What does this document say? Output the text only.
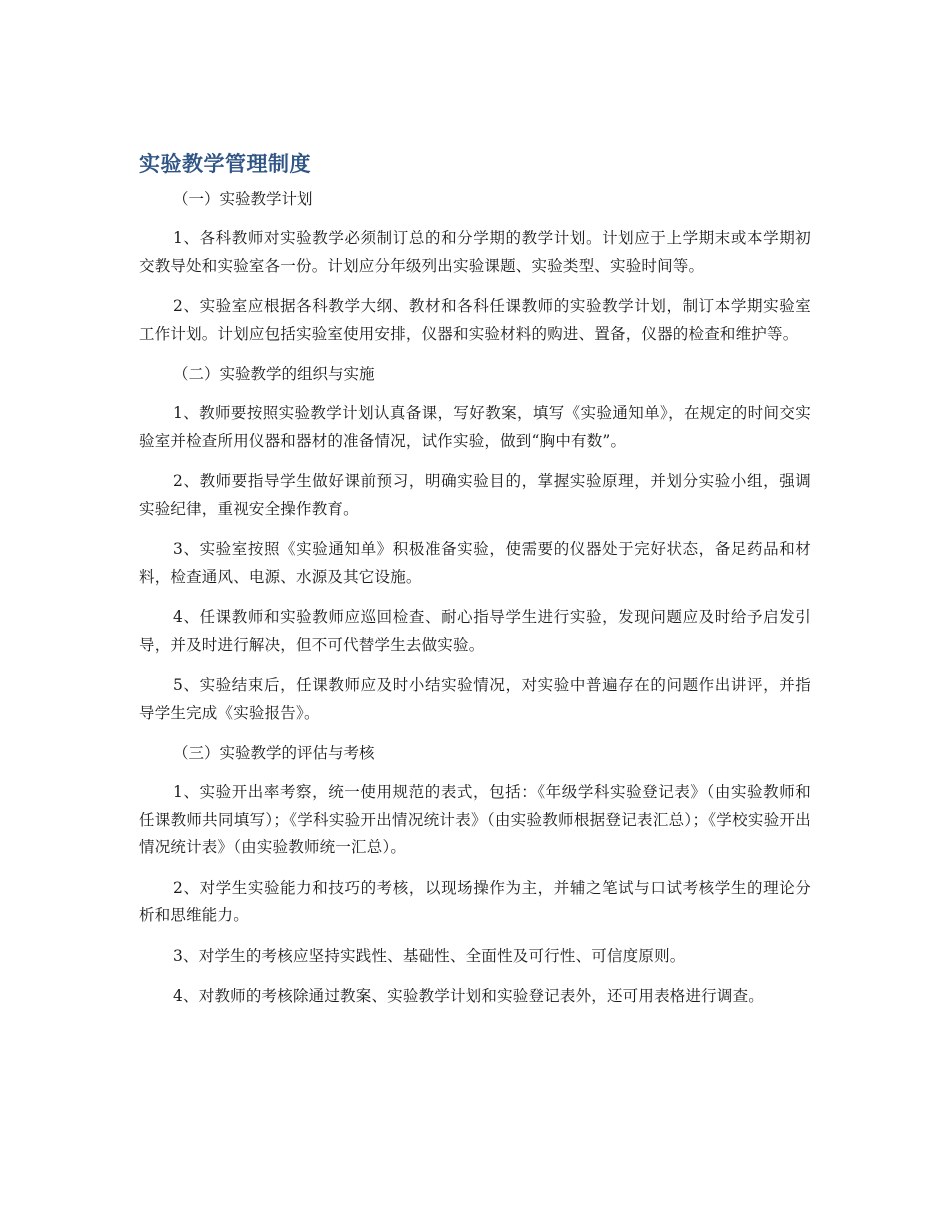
实验教学管理制度

（一）实验教学计划

1、各科教师对实验教学必须制订总的和分学期的教学计划。计划应于上学期末或本学期初交教导处和实验室各一份。计划应分年级列出实验课题、实验类型、实验时间等。

2、实验室应根据各科教学大纲、教材和各科任课教师的实验教学计划，制订本学期实验室工作计划。计划应包括实验室使用安排，仪器和实验材料的购进、置备，仪器的检查和维护等。

（二）实验教学的组织与实施

1、教师要按照实验教学计划认真备课，写好教案，填写《实验通知单》，在规定的时间交实验室并检查所用仪器和器材的准备情况，试作实验，做到“胸中有数”。

2、教师要指导学生做好课前预习，明确实验目的，掌握实验原理，并划分实验小组，强调实验纪律，重视安全操作教育。

3、实验室按照《实验通知单》积极准备实验，使需要的仪器处于完好状态，备足药品和材料，检查通风、电源、水源及其它设施。

4、任课教师和实验教师应巡回检查、耐心指导学生进行实验，发现问题应及时给予启发引导，并及时进行解决，但不可代替学生去做实验。

5、实验结束后，任课教师应及时小结实验情况，对实验中普遍存在的问题作出讲评，并指导学生完成《实验报告》。

（三）实验教学的评估与考核

1、实验开出率考察，统一使用规范的表式，包括：《年级学科实验登记表》（由实验教师和任课教师共同填写）；《学科实验开出情况统计表》（由实验教师根据登记表汇总）；《学校实验开出情况统计表》（由实验教师统一汇总）。

2、对学生实验能力和技巧的考核，以现场操作为主，并辅之笔试与口试考核学生的理论分析和思维能力。

3、对学生的考核应坚持实践性、基础性、全面性及可行性、可信度原则。

4、对教师的考核除通过教案、实验教学计划和实验登记表外，还可用表格进行调查。
